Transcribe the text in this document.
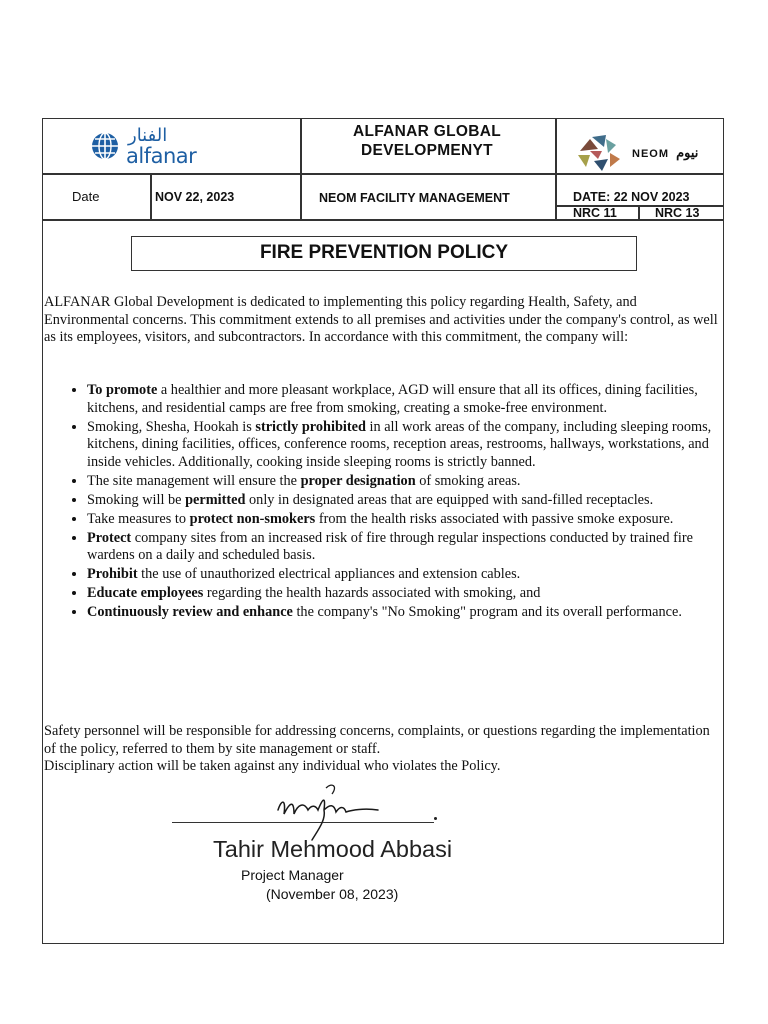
الفنار
alfanar
ALFANAR GLOBAL
DEVELOPMENYT	NEOM نيوم
Date	NOV 22, 2023	NEOM FACILITY MANAGEMENT	DATE: 22 NOV 2023
NRC 11	NRC 13
FIRE PREVENTION POLICY
ALFANAR Global Development is dedicated to implementing this policy regarding Health, Safety, and Environmental concerns. This commitment extends to all premises and activities under the company's control, as well as its employees, visitors, and subcontractors. In accordance with this commitment, the company will:
• To promote a healthier and more pleasant workplace, AGD will ensure that all its offices, dining facilities, kitchens, and residential camps are free from smoking, creating a smoke-free environment.
• Smoking, Shesha, Hookah is strictly prohibited in all work areas of the company, including sleeping rooms, kitchens, dining facilities, offices, conference rooms, reception areas, restrooms, hallways, workstations, and inside vehicles. Additionally, cooking inside sleeping rooms is strictly banned.
• The site management will ensure the proper designation of smoking areas.
• Smoking will be permitted only in designated areas that are equipped with sand-filled receptacles.
• Take measures to protect non-smokers from the health risks associated with passive smoke exposure.
• Protect company sites from an increased risk of fire through regular inspections conducted by trained fire wardens on a daily and scheduled basis.
• Prohibit the use of unauthorized electrical appliances and extension cables.
• Educate employees regarding the health hazards associated with smoking, and
• Continuously review and enhance the company's "No Smoking" program and its overall performance.
Safety personnel will be responsible for addressing concerns, complaints, or questions regarding the implementation of the policy, referred to them by site management or staff.
Disciplinary action will be taken against any individual who violates the Policy.
Tahir Mehmood Abbasi
Project Manager
(November 08, 2023)
